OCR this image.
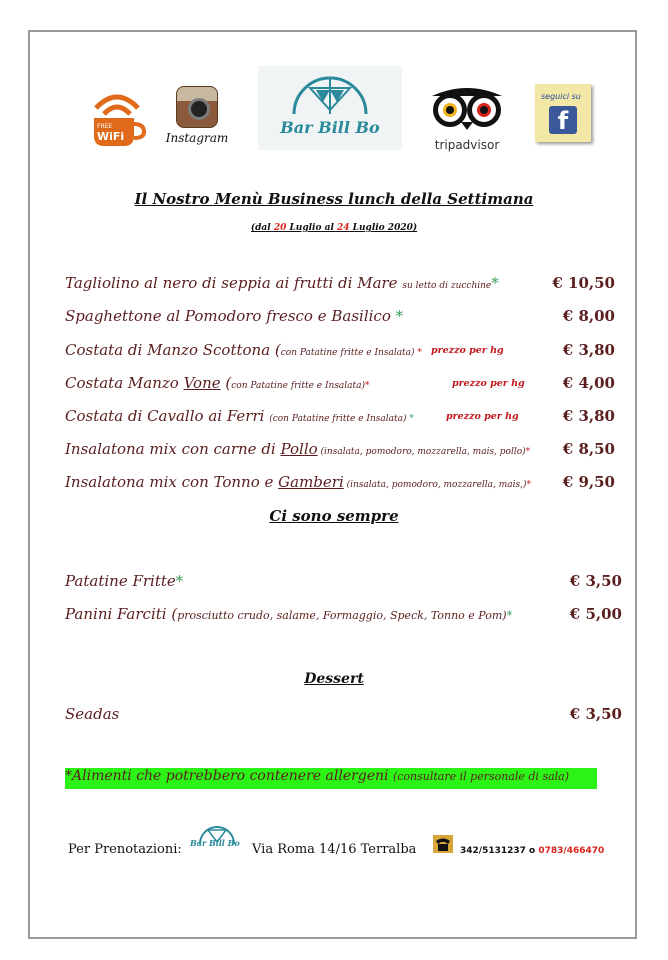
FREE
WiFi	Instagram
Bar Bill Bo
tripadvisor
seguici su
f
Il Nostro Menù Business lunch della Settimana
(dal 20 Luglio al 24 Luglio 2020)
Tagliolino al nero di seppia ai frutti di Mare su letto di zucchine*	€ 10,50
Spaghettone al Pomodoro fresco e Basilico *	€ 8,00
Costata di Manzo Scottona (con Patatine fritte e Insalata) * prezzo per hg	€ 3,80
Costata Manzo Vone (con Patatine fritte e Insalata)*	prezzo per hg	€ 4,00
Costata di Cavallo ai Ferri (con Patatine fritte e Insalata) *	prezzo per hg	€ 3,80
Insalatona mix con carne di Pollo (insalata, pomodoro, mozzarella, mais, pollo)* € 8,50
Insalatona mix con Tonno e Gamberi (insalata, pomodoro, mozzarella, mais,)* € 9,50
Ci sono sempre
Patatine Fritte*	€ 3,50
Panini Farciti (prosciutto crudo, salame, Formaggio, Speck, Tonno e Pom)*	€ 5,00
Dessert
Seadas	€ 3,50
*Alimenti che potrebbero contenere allergeni (consultare il personale di sala)
Per Prenotazioni: Bar Bill Bo Via Roma 14/16 Terralba	342/5131237 o 0783/466470
